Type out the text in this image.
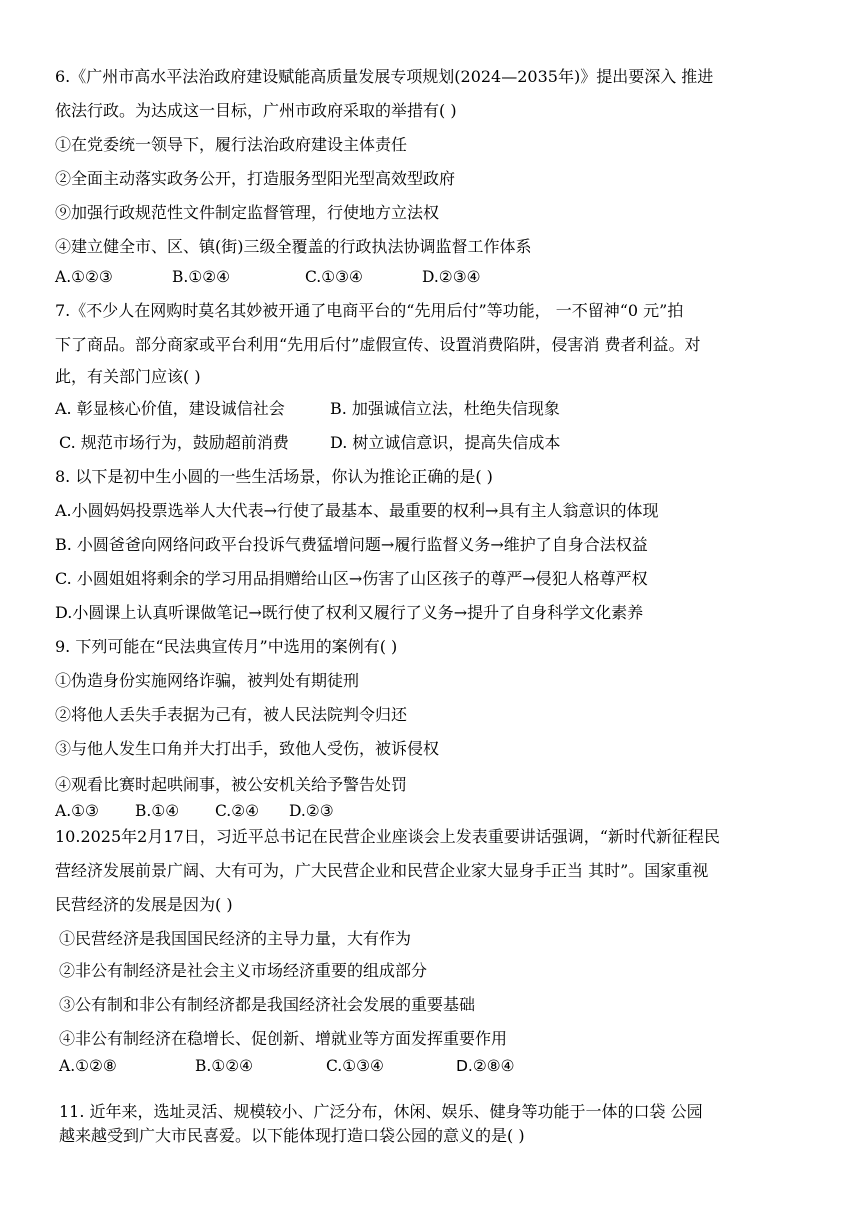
6.《广州市高水平法治政府建设赋能高质量发展专项规划(2024—2035年)》提出要深入 推进
依法行政。为达成这一目标，广州市政府采取的举措有( )
①在党委统一领导下，履行法治政府建设主体责任
②全面主动落实政务公开，打造服务型阳光型高效型政府
⑨加强行政规范性文件制定监督管理，行使地方立法权
④建立健全市、区、镇(街)三级全覆盖的行政执法协调监督工作体系
A.①②③	B.①②④	C.①③④	D.②③④
7.《不少人在网购时莫名其妙被开通了电商平台的“先用后付”等功能， 一不留神“0 元”拍
下了商品。部分商家或平台利用“先用后付”虚假宣传、设置消费陷阱，侵害消 费者利益。对
此，有关部门应该( )
A. 彰显核心价值，建设诚信社会	B. 加强诚信立法，杜绝失信现象
C. 规范市场行为，鼓励超前消费	D. 树立诚信意识，提高失信成本
8. 以下是初中生小圆的一些生活场景，你认为推论正确的是( )
A.小圆妈妈投票选举人大代表→行使了最基本、最重要的权利→具有主人翁意识的体现
B. 小圆爸爸向网络问政平台投诉气费猛增问题→履行监督义务→维护了自身合法权益
C. 小圆姐姐将剩余的学习用品捐赠给山区→伤害了山区孩子的尊严→侵犯人格尊严权
D.小圆课上认真听课做笔记→既行使了权利又履行了义务→提升了自身科学文化素养
9. 下列可能在“民法典宣传月”中选用的案例有( )
①伪造身份实施网络诈骗，被判处有期徒刑
②将他人丢失手表据为己有，被人民法院判令归还
③与他人发生口角并大打出手，致他人受伤，被诉侵权
④观看比赛时起哄闹事，被公安机关给予警告处罚
A.①③ B.①④ C.②④ D.②③
10.2025年2月17日，习近平总书记在民营企业座谈会上发表重要讲话强调，“新时代新征程民
营经济发展前景广阔、大有可为，广大民营企业和民营企业家大显身手正当 其时”。国家重视
民营经济的发展是因为( )
①民营经济是我国国民经济的主导力量，大有作为
②非公有制经济是社会主义市场经济重要的组成部分
③公有制和非公有制经济都是我国经济社会发展的重要基础
④非公有制经济在稳增长、促创新、增就业等方面发挥重要作用
A.①②⑧	B.①②④	C.①③④	D.②⑧④
11. 近年来，选址灵活、规模较小、广泛分布，休闲、娱乐、健身等功能于一体的口袋 公园
越来越受到广大市民喜爱。以下能体现打造口袋公园的意义的是( )
